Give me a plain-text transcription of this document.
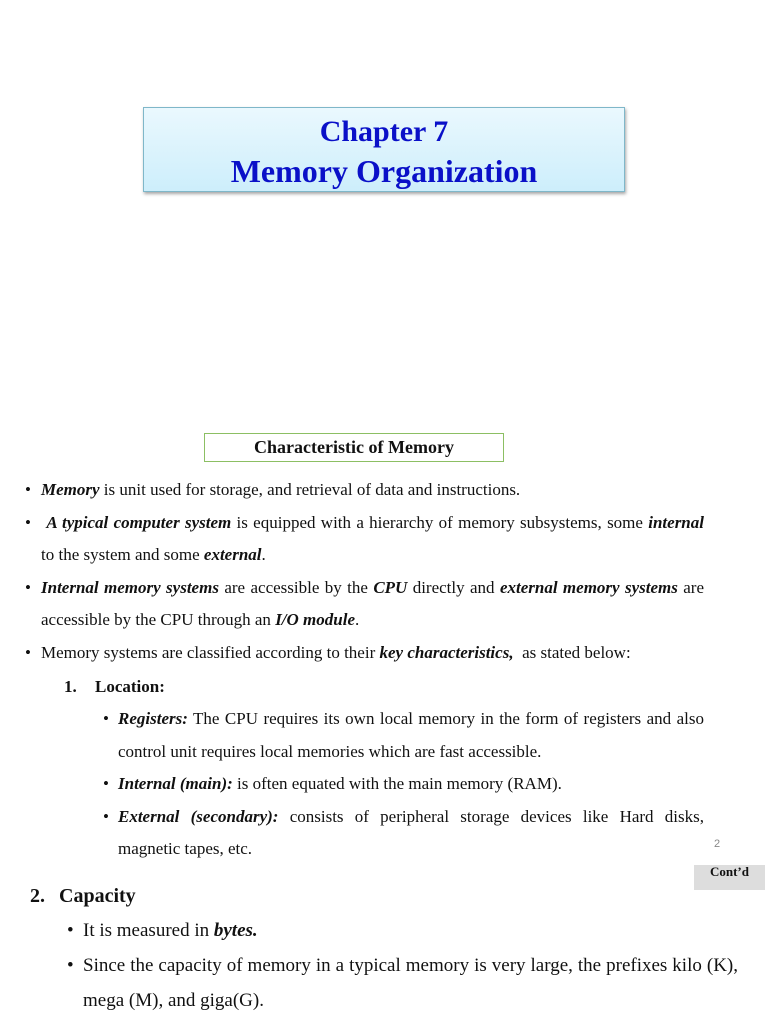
Chapter 7
Memory Organization
Characteristic of Memory
• Memory is unit used for storage, and retrieval of data and instructions.
•  A typical computer system is equipped with a hierarchy of memory subsystems, some internal to the system and some external.
• Internal memory systems are accessible by the CPU directly and external memory systems are accessible by the CPU through an I/O module.
• Memory systems are classified according to their key characteristics,  as stated below:
1. Location:
• Registers: The CPU requires its own local memory in the form of registers and also control unit requires local memories which are fast accessible.
• Internal (main): is often equated with the main memory (RAM).
• External (secondary): consists of peripheral storage devices like Hard disks, magnetic tapes, etc.	2
Cont’d
2. Capacity
• It is measured in bytes.
• Since the capacity of memory in a typical memory is very large, the prefixes kilo (K), mega (M), and giga(G).
